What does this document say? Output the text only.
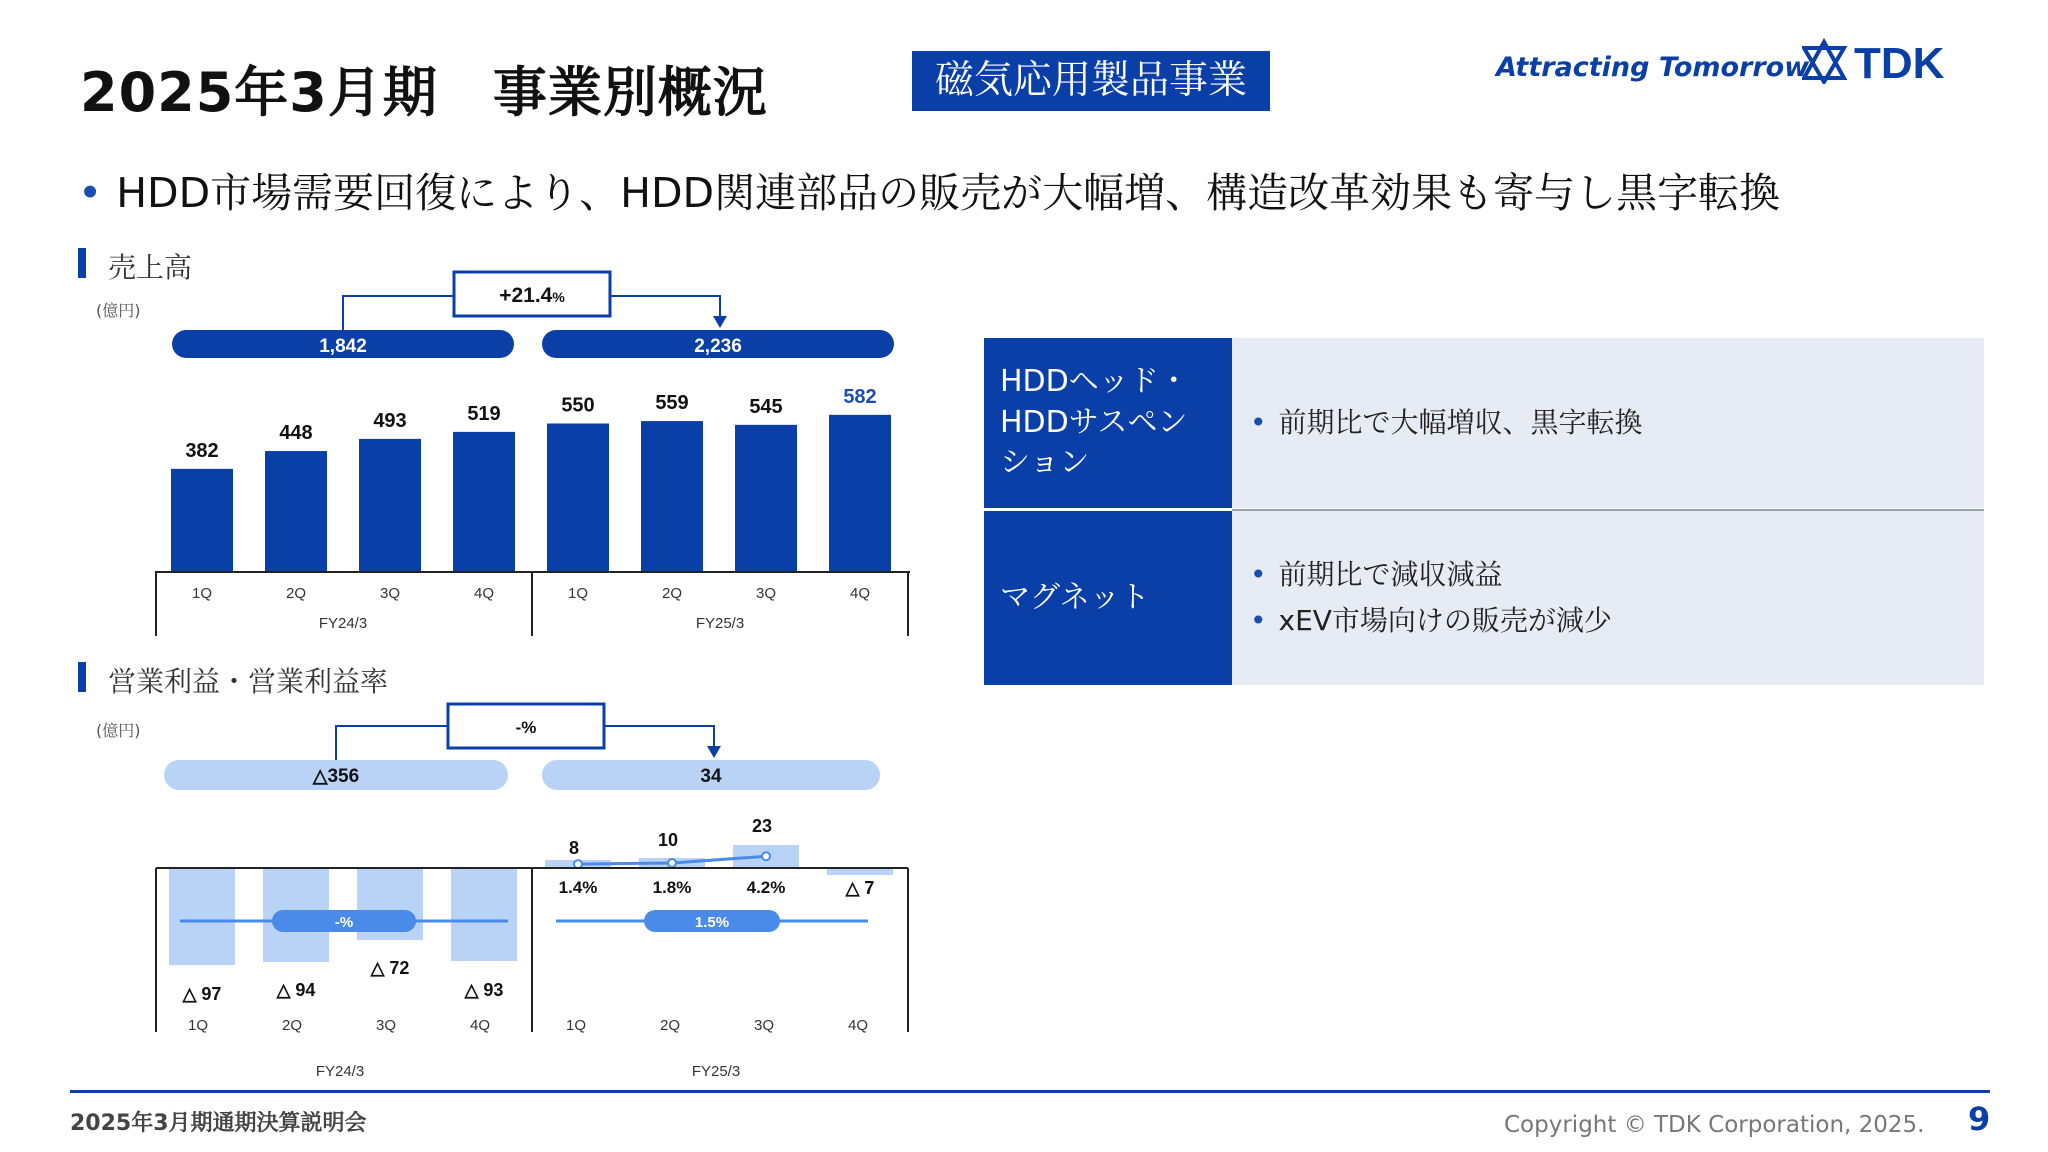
2025年3月期　事業別概況	磁気応用製品事業	Attracting Tomorrow TDK
• HDD市場需要回復により、HDD関連部品の販売が大幅増、構造改革効果も寄与し黒字転換
売上高
(億円)
営業利益・営業利益率
(億円)
1,842	2,236
+21.4%
382
448
493	519	550	559	545	582
1Q	2Q	3Q	4Q	1Q	2Q	3Q	4Q
FY24/3	FY25/3
△356	34
-%
-%	1.5%
△ 97	△ 94
△ 72
△ 93
8	10
23
△ 7
1.4%	1.8%	4.2%
1Q	2Q	3Q	4Q	1Q	2Q	3Q	4Q
FY24/3	FY25/3
HDDヘッド・HDDサスペンション
• 前期比で大幅増収、黒字転換
マグネット
• 前期比で減収減益
• xEV市場向けの販売が減少
2025年3月期通期決算説明会	Copyright © TDK Corporation, 2025. 9
